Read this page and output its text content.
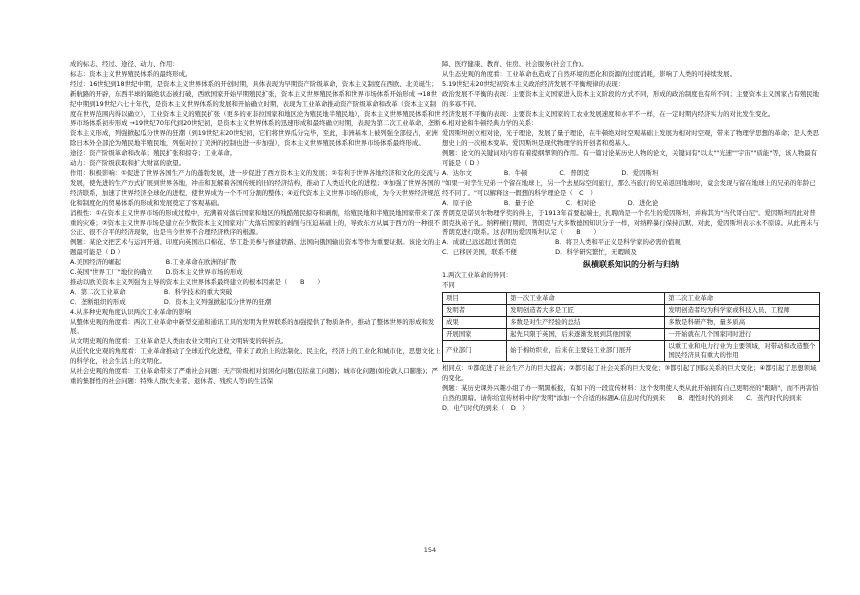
成的标志、经过、途径、动力、作用：

标志：资本主义世界殖民体系的最终形成。

经过：16世纪到18世纪中期，是资本主义世界体系的开创时期，具体表现为早期资产阶级革命，资本主义制度在西欧、北美诞生；新航路的开辟，东西半球的隔绝状态被打破，西欧国家开始早期殖民扩张，资本主义世界殖民体系和世界市场体系开始形成 →18世纪中期到19世纪六七十年代，是资本主义世界体系的发展和开始确立时期，表现为工业革命推动资产阶级革命和改革（资本主义制度在世界范围内得以确立），工业资本主义的殖民扩张（更多的亚非拉国家和地区沦为殖民地半殖民地），资本主义世界殖民体系和世界市场体系初步形成 →19世纪70年代到20世纪初，是资本主义世界体系的迅速形成和最终确立时期，表现为第二次工业革命，垄断资本主义形成，列强掀起瓜分世界的狂潮（到19世纪末20世纪初，它们将世界瓜分完毕，至此，非洲基本上被列强全部侵占，亚洲除日本外全部沦为殖民地半殖民地，列强对拉丁美洲的控制也进一步加强），资本主义世界殖民体系和世界市场体系最终形成。

途径：资产阶级革命和改革；殖民扩张和掠夺；工业革命。

动力：资产阶级获取和扩大财富的欲望。

作用：积极影响：①促进了世界各国生产力的蓬勃发展，进一步促进了西方资本主义的发展；②有利于世界各地经济和文化的交流与发展，使先进的生产方式扩展到世界各地，冲击和瓦解着各国传统的旧的经济结构，推动了人类近代化的进程；③加强了世界各国的经济联系，加速了世界经济全球化的进程，使世界成为一个不可分割的整体；④近代资本主义世界市场的形成，为今天世界经济规范化和制度化的贸易体系的形成和发展奠定了客观基础。

消极性：①在资本主义世界市场的形成过程中，充满着对落后国家和地区的残酷殖民掠夺和剥削，给殖民地和半殖民地国家带来了深重的灾难；②资本主义世界市场是建立在少数资本主义国家对广大落后国家的剥削与压迫基础上的，导致东方从属于西方的一种很不公正、很不合平的经济现象，也是当今世界不合理经济秩序的根源。

例题：某论文把艺术与运河开通、印度向英国出口棉花、华工赴美参与修建铁路、法国向俄国输出资本等作为重要证据。该论文的主题最可能是（ D ）

A.美国经济的崛起　　　　　　　B.工业革命在欧洲的扩散

C.英国"世界工厂"地位的确立　　D.资本主义世界市场的形成

推动以欧美资本主义列强为主导的资本主义世界体系最终建立的根本因素是（　　B　　）

A．第二次工业革命　　　　　　B．科学技术的重大突破

C．垄断组织的形成　　　　　　D．资本主义列强掀起瓜分世界的狂潮

4.从多种史观角度认识两次工业革命的影响

从整体史观的角度看：两次工业革命中新型交通和通讯工具的发明为世界联系的加强提供了物质条件，推动了整体世界的形成和发展。

从文明史观的角度看：工业革命是人类由农业文明向工业文明转变的转折点。

从近代化史观的角度看：工业革命推动了全球近代化进程，带来了政治上的法制化、民主化，经济上的工业化和城市化，思想文化上的科学化，社会生活上的文明化。

从社会史观的角度看：工业革命带来了严重社会问题：无产阶级相对贫困化问题(包括童工问题)；城市化问题(如伦敦人口膨胀)；严重的集群性的社会问题：特殊人群(失业者、退休者、残疾人等)的生活保

障、医疗健康、教育、住房、社会服务(社会工作)。

从生态史观的角度看：工业革命也造成了自然环境的恶化和资源的过度消耗，影响了人类的可持续发展。

5.19世纪末20世纪初资本主义政治经济发展不平衡规律的表现：

政治发展不平衡的表现：主要资本主义国家进入资本主义阶段的方式不同，形成的政治制度也有所不同；主要资本主义国家占有殖民地的多寡不同。

经济发展不平衡的表现：主要资本主义国家的工农业发展速度和水平不一样，在一定时期内经济实力的对比发生变化。

6.相对论和牛顿经典力学的关系：

爱因斯坦创立相对论，光子理论，发展了量子理论，在牛顿绝对时空观基础上发展为相对时空观，带来了物理学思想的革命；是人类思想史上的一次根本变革。爱因斯坦是现代物理学的开创者和奠基人。

例题：论文的关键词对内容有着提纲挈领的作用。有一篇讨论某历史人物的论文，关键词有"以太""光速""宇宙""质能"等，该人物最有可能是（ D ）

A．达尔文　　　　　B．牛顿　　　　　C．普朗克　　　　　D．爱因斯坦

"如果一对孪生兄弟一个留在地球上，另一个去星际空间旅行，那么当旅行的兄弟返回地球时，竟会发现与留在地球上的兄弟的年龄已经不同了。"可以解释这一假想的科学理论是（　C　）

A．原子论　　　　　B．量子论　　　　　C．相对论　　　　　D．进化论

普朗克是诺贝尔物理学奖的得主，于1913年首要起端士，扎聘尚是一个名生的爱因斯坦，并称其为"当代哥白尼"。爱因斯坦因此对普朗克执弟子礼。纳粹横行期间，普朗克与大多数德国知识分子一样，对纳粹暴行保持沉默，对此，爱因斯坦表示永不原谅。从此再未与普朗克进行联系。这表明历爱因斯坦认定（　　B　　）

A．成就已远远超过普朗克　　　　　　B．将卫人类和平正义是科学家的必需价值观

C．已移居美国，联系不便　　　　　　D．科学研究繁忙，无暇顾及

纵横联系知识的分析与归纳

1.两次工业革命的异同：

不同

项目	第一次工业革命	第二次工业革命
发明者	发明创造者大多是工匠	发明创造者均为科学家或科技人员、工程师
成果	多数是对生产经验的总结	多数是科研产物，量多质高
开展国家	起先只限于英国，后来逐渐发展到其他国家	一开始就在几个国家同时进行
产业部门	始于棉纺织业，后来在主要轻工业部门展开	以重工业和电力行业为主要领域，对带动和改造整个国民经济具有重大的作用

相同点：①都促进了社会生产力的巨大提高；②都引起了社会关系的巨大变化；③都引起了国际关系的巨大变化；④都引起了思想领域的变化。

例题：某历史课外兴趣小组了办一期黑板报，有如下的一段宣传材料：这个发明使人类从此开始拥有自己更明亮的"眼睛"，而不再害怕自然的黑暗。请你给宣传材料中的"发明"添加一个合适的标题A.信息时代的到来　　B．理性时代的到来　　C．蒸汽时代的到来　　D．电气时代的到来（　D　）

154
